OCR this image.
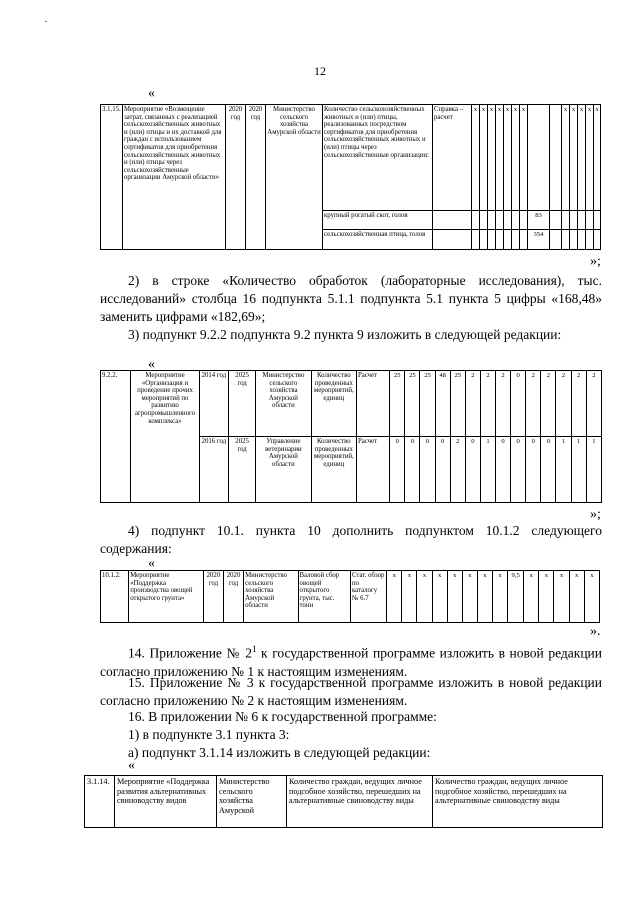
·
12
«
3.1.15.	Мероприятие «Возмещение затрат, связанных с реализацией сельскохозяйственных животных и (или) птицы и их доставкой для граждан с использованием сертификатов для приобретения сельскохозяйственных животных и (или) птицы через сельскохозяйственные организации Амурской области»	2020 год	2020 год	Министерство сельского хозяйства Амурской области	Количество сельскохозяйственных животных и (или) птицы, реализованных посредством сертификатов для приобретения сельскохозяйственных животных и (или) птицы через сельскохозяйственные организации:	Справка – расчет	х	х	х	х	х	х	х			х	х	х	х	х
					крупный рогатый скот, голов									83						
					сельскохозяйственная птица, голов									354						
»;
2) в строке «Количество обработок (лабораторные исследования), тыс. исследований» столбца 16 подпункта 5.1.1 подпункта 5.1 пункта 5 цифры «168,48» заменить цифрами «182,69»;
3) подпункт 9.2.2 подпункта 9.2 пункта 9 изложить в следующей редакции:
«
9.2.2.	Мероприятие «Организация и проведение прочих мероприятий по развитию агропромышленного комплекса»	2014 год	2025 год	Министерство сельского хозяйства Амурской области	Количество проведенных мероприятий, единиц	Расчет	25	25	25	48	25	2	2	2	0	2	2	2	2	2
		2016 год	2025 год	Управление ветеринарии Амурской области	Количество проведенных мероприятий, единиц	Расчет	0	0	0	0	2	0	1	0	0	0	0	1	1	1
»;
4) подпункт 10.1. пункта 10 дополнить подпунктом 10.1.2 следующего содержания:
«
10.1.2.	Мероприятие «Поддержка производства овощей открытого грунта»	2020 год	2020 год	Министерство сельского хозяйства Амурской области	Валовой сбор овощей открытого грунта, тыс. тонн	Стат. обзор по каталогу № 6.7	х	х	х	х	х	х	х	х	9,5	х	х	х	х	х
».
14. Приложение № $2^1$ к государственной программе изложить в новой редакции согласно приложению № 1 к настоящим изменениям.
15. Приложение № 3 к государственной программе изложить в новой редакции согласно приложению № 2 к настоящим изменениям.
16. В приложении № 6 к государственной программе:
1) в подпункте 3.1 пункта 3:
а) подпункт 3.1.14 изложить в следующей редакции:
«
3.1.14.	Мероприятие «Поддержка развития альтернативных свиноводству видов	Министерство сельского хозяйства Амурской	Количество граждан, ведущих личное подсобное хозяйство, перешедших на альтернативные свиноводству виды	Количество граждан, ведущих личное подсобное хозяйство, перешедших на альтернативные свиноводству виды
